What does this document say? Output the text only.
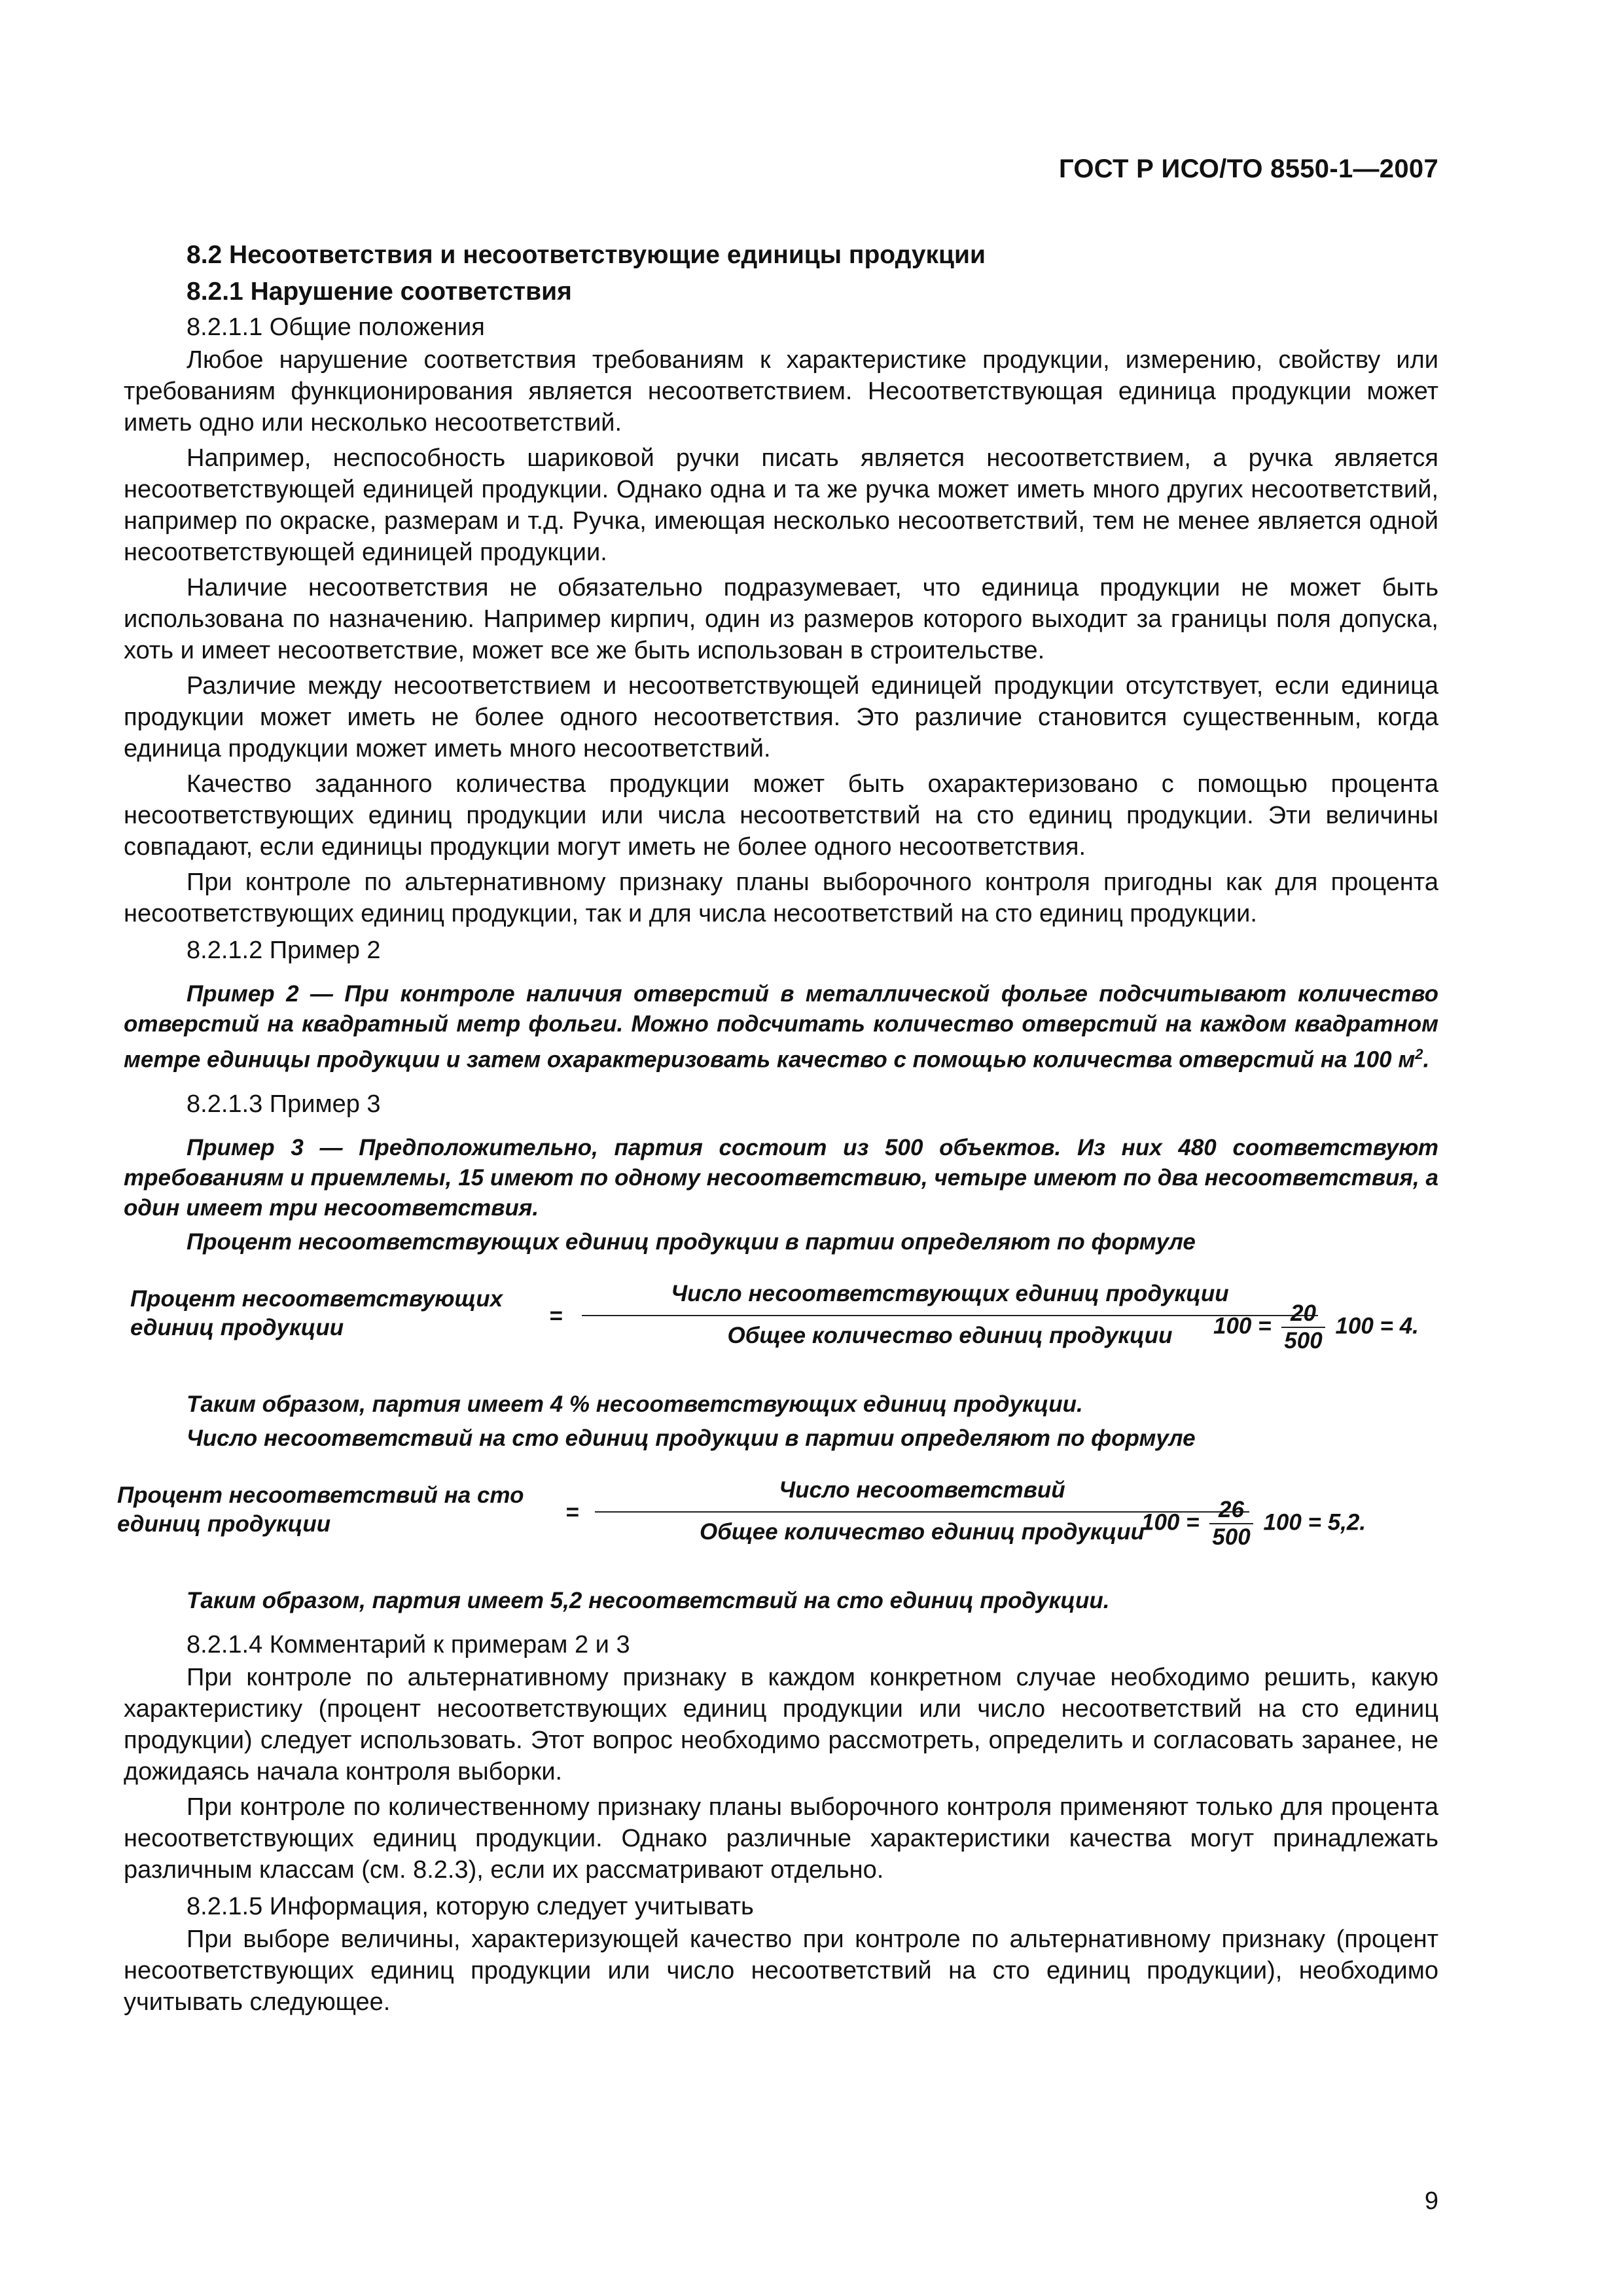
ГОСТ Р ИСО/ТО 8550-1—2007
8.2 Несоответствия и несоответствующие единицы продукции
8.2.1 Нарушение соответствия
8.2.1.1 Общие положения

Любое нарушение соответствия требованиям к характеристике продукции, измерению, свойству или требованиям функционирования является несоответствием. Несоответствующая единица продукции может иметь одно или несколько несоответствий.

Например, неспособность шариковой ручки писать является несоответствием, а ручка является несоответствующей единицей продукции. Однако одна и та же ручка может иметь много других несоответствий, например по окраске, размерам и т.д. Ручка, имеющая несколько несоответствий, тем не менее является одной несоответствующей единицей продукции.

Наличие несоответствия не обязательно подразумевает, что единица продукции не может быть использована по назначению. Например кирпич, один из размеров которого выходит за границы поля допуска, хоть и имеет несоответствие, может все же быть использован в строительстве.

Различие между несоответствием и несоответствующей единицей продукции отсутствует, если единица продукции может иметь не более одного несоответствия. Это различие становится существенным, когда единица продукции может иметь много несоответствий.

Качество заданного количества продукции может быть охарактеризовано с помощью процента несоответствующих единиц продукции или числа несоответствий на сто единиц продукции. Эти величины совпадают, если единицы продукции могут иметь не более одного несоответствия.

При контроле по альтернативному признаку планы выборочного контроля пригодны как для процента несоответствующих единиц продукции, так и для числа несоответствий на сто единиц продукции.

8.2.1.2 Пример 2

Пример 2 — При контроле наличия отверстий в металлической фольге подсчитывают количество отверстий на квадратный метр фольги. Можно подсчитать количество отверстий на каждом квадратном метре единицы продукции и затем охарактеризовать качество с помощью количества отверстий на 100 $м^2$.

8.2.1.3 Пример 3

Пример 3 — Предположительно, партия состоит из 500 объектов. Из них 480 соответствуют требованиям и приемлемы, 15 имеют по одному несоответствию, четыре имеют по два несоответствия, а один имеет три несоответствия.

Процент несоответствующих единиц продукции в партии определяют по формуле
Процент несоответствующих
единиц продукции	=
Число несоответствующих единиц продукции
Общее количество единиц продукции	$100 = \frac{20}{500} 100 = 4$.
Таким образом, партия имеет 4 % несоответствующих единиц продукции.
Число несоответствий на сто единиц продукции в партии определяют по формуле
Процент несоответствий на сто
единиц продукции	=
Число несоответствий
Общее количество единиц продукции
$100 = \frac{26}{500} 100 = 5,2$.
Таким образом, партия имеет 5,2 несоответствий на сто единиц продукции.
8.2.1.4 Комментарий к примерам 2 и 3

При контроле по альтернативному признаку в каждом конкретном случае необходимо решить, какую характеристику (процент несоответствующих единиц продукции или число несоответствий на сто единиц продукции) следует использовать. Этот вопрос необходимо рассмотреть, определить и согласовать заранее, не дожидаясь начала контроля выборки.

При контроле по количественному признаку планы выборочного контроля применяют только для процента несоответствующих единиц продукции. Однако различные характеристики качества могут принадлежать различным классам (см. 8.2.3), если их рассматривают отдельно.

8.2.1.5 Информация, которую следует учитывать

При выборе величины, характеризующей качество при контроле по альтернативному признаку (процент несоответствующих единиц продукции или число несоответствий на сто единиц продукции), необходимо учитывать следующее.

9
